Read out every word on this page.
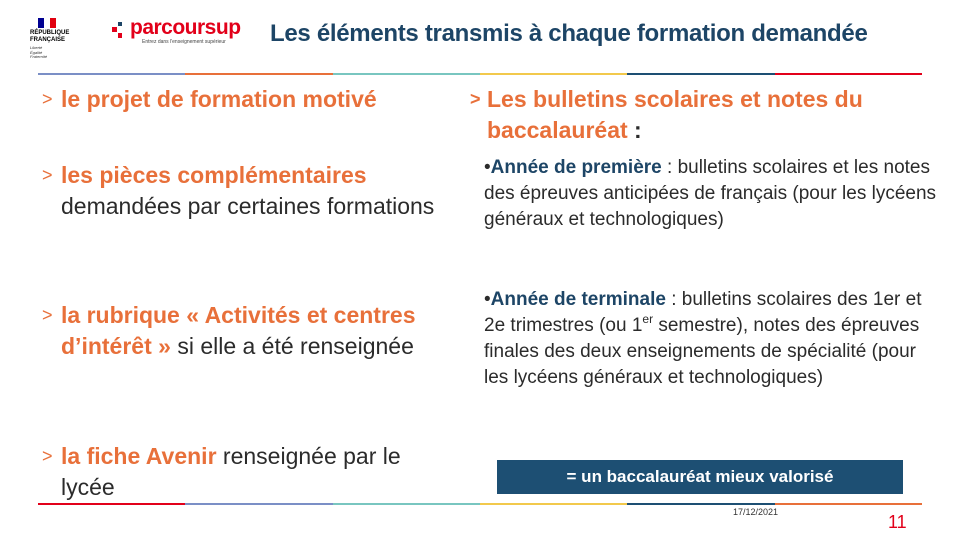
RÉPUBLIQUE
FRANÇAISE
Liberté
Égalité
Fraternité
parcoursup
Entrez dans l'enseignement supérieur Les éléments transmis à chaque formation demandée
> le projet de formation motivé
> les pièces complémentaires
demandées par certaines formations
> la rubrique « Activités et centres d’intérêt » si elle a été renseignée
> la fiche Avenir renseignée par le lycée
> Les bulletins scolaires et notes du baccalauréat :
•Année de première : bulletins scolaires et les notes des épreuves anticipées de français (pour les lycéens généraux et technologiques)
•Année de terminale : bulletins scolaires des 1er et 2e trimestres (ou 1er semestre), notes des épreuves finales des deux enseignements de spécialité (pour les lycéens généraux et technologiques)
= un baccalauréat mieux valorisé
17/12/2021	11
